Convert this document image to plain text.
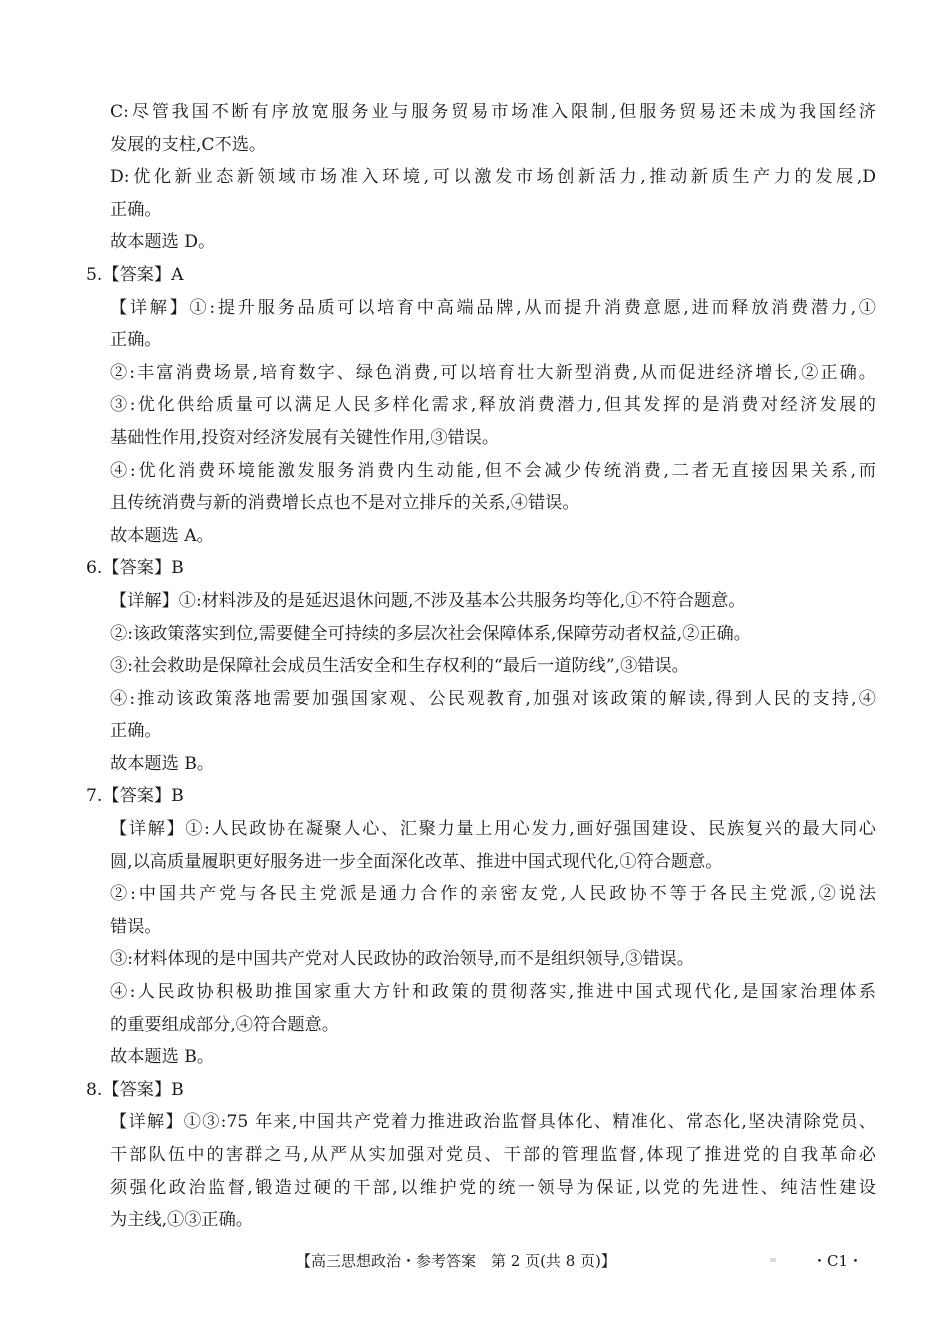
C:尽管我国不断有序放宽服务业与服务贸易市场准入限制,但服务贸易还未成为我国经济
发展的支柱,C不选。
D:优化新业态新领域市场准入环境,可以激发市场创新活力,推动新质生产力的发展,D
正确。
故本题选 D。
5.【答案】A
【详解】①:提升服务品质可以培育中高端品牌,从而提升消费意愿,进而释放消费潜力,①
正确。
②:丰富消费场景,培育数字、绿色消费,可以培育壮大新型消费,从而促进经济增长,②正确。
③:优化供给质量可以满足人民多样化需求,释放消费潜力,但其发挥的是消费对经济发展的
基础性作用,投资对经济发展有关键性作用,③错误。
④:优化消费环境能激发服务消费内生动能,但不会减少传统消费,二者无直接因果关系,而
且传统消费与新的消费增长点也不是对立排斥的关系,④错误。
故本题选 A。
6.【答案】B
【详解】①:材料涉及的是延迟退休问题,不涉及基本公共服务均等化,①不符合题意。
②:该政策落实到位,需要健全可持续的多层次社会保障体系,保障劳动者权益,②正确。
③:社会救助是保障社会成员生活安全和生存权利的“最后一道防线”,③错误。
④:推动该政策落地需要加强国家观、公民观教育,加强对该政策的解读,得到人民的支持,④
正确。
故本题选 B。
7.【答案】B
【详解】①:人民政协在凝聚人心、汇聚力量上用心发力,画好强国建设、民族复兴的最大同心
圆,以高质量履职更好服务进一步全面深化改革、推进中国式现代化,①符合题意。
②:中国共产党与各民主党派是通力合作的亲密友党,人民政协不等于各民主党派,②说法
错误。
③:材料体现的是中国共产党对人民政协的政治领导,而不是组织领导,③错误。
④:人民政协积极助推国家重大方针和政策的贯彻落实,推进中国式现代化,是国家治理体系
的重要组成部分,④符合题意。
故本题选 B。
8.【答案】B
【详解】①③:75 年来,中国共产党着力推进政治监督具体化、精准化、常态化,坚决清除党员、
干部队伍中的害群之马,从严从实加强对党员、干部的管理监督,体现了推进党的自我革命必
须强化政治监督,锻造过硬的干部,以维护党的统一领导为保证,以党的先进性、纯洁性建设
为主线,①③正确。
【高三思想政治・参考答案　第 2 页(共 8 页)】	・C1・
